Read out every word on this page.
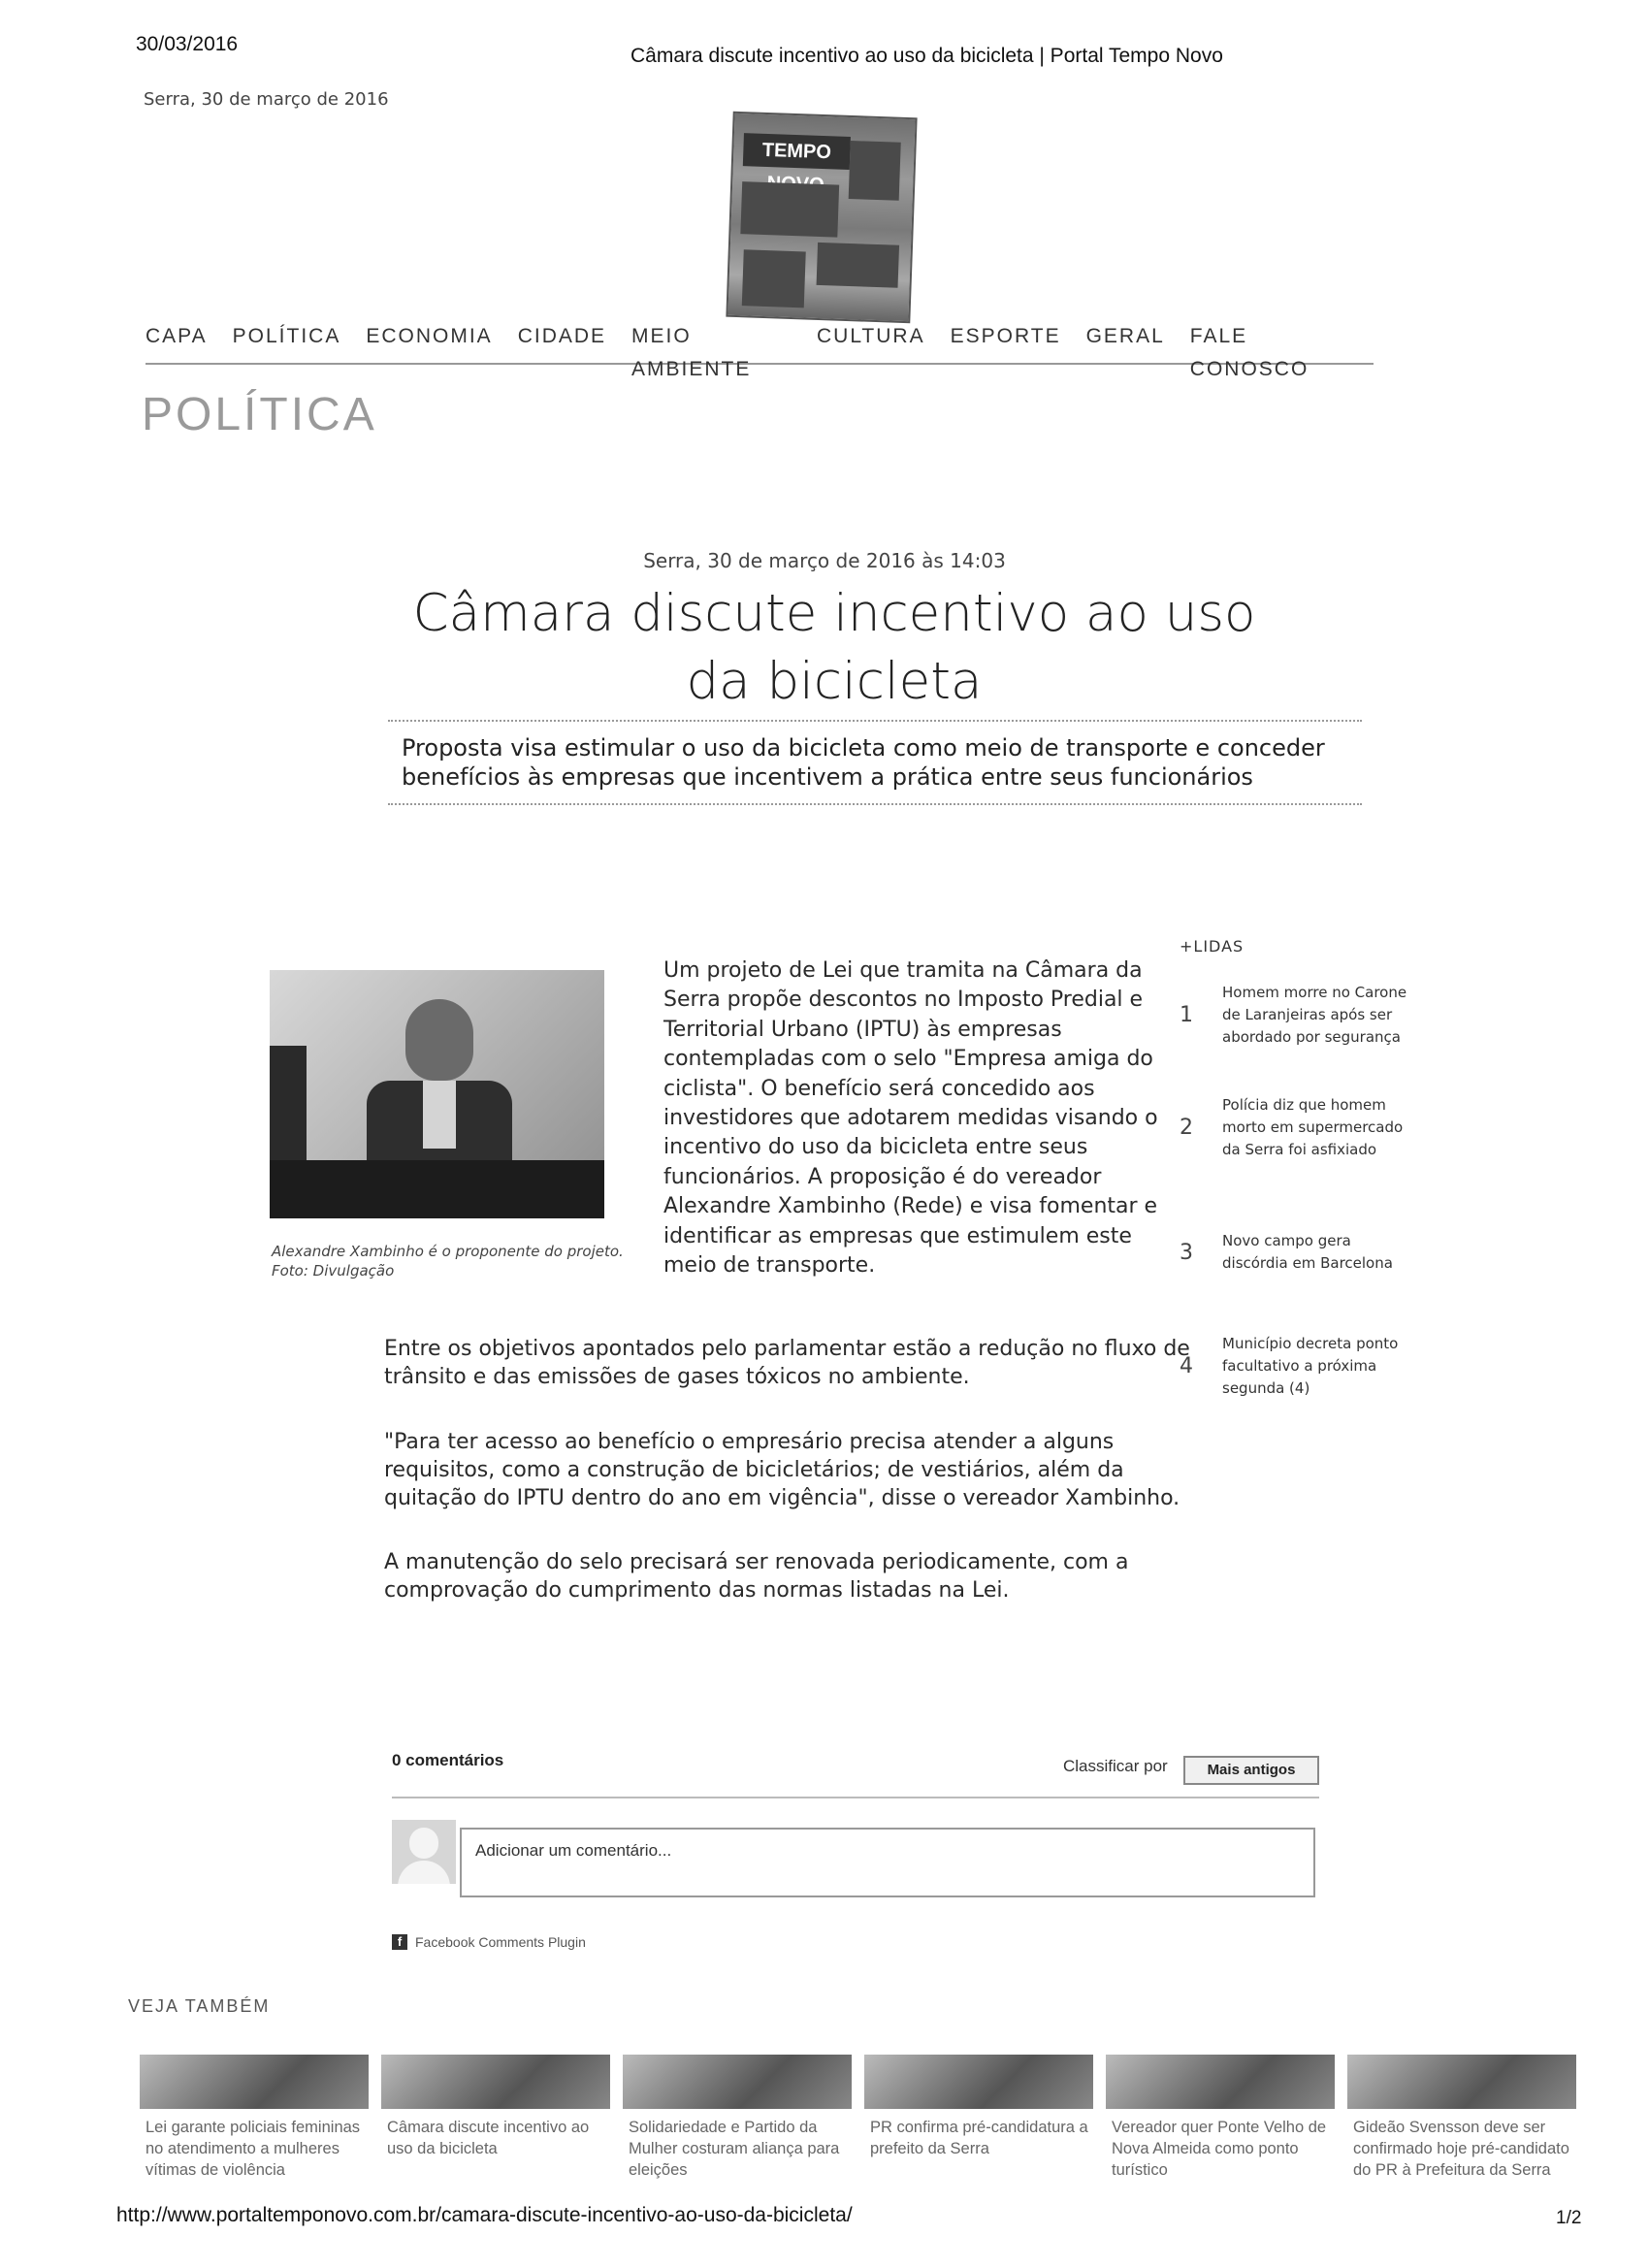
30/03/2016
Câmara discute incentivo ao uso da bicicleta | Portal Tempo Novo
Serra, 30 de março de 2016
TEMPO
CAPA POLÍTICA ECONOMIA CIDADE MEIO AMBIENTE
CULTURA ESPORTE GERAL FALE CONOSCO
POLÍTICA
Serra, 30 de março de 2016 às 14:03
Câmara discute incentivo ao uso da bicicleta
Proposta visa estimular o uso da bicicleta como meio de transporte e conceder benefícios às empresas que incentivem a prática entre seus funcionários
Alexandre Xambinho é o proponente do projeto.
Foto: Divulgação
Um projeto de Lei que tramita na Câmara da Serra propõe descontos no Imposto Predial e Territorial Urbano (IPTU) às empresas contempladas com o selo "Empresa amiga do ciclista". O benefício será concedido aos investidores que adotarem medidas visando o incentivo do uso da bicicleta entre seus funcionários. A proposição é do vereador Alexandre Xambinho (Rede) e visa fomentar e identificar as empresas que estimulem este meio de transporte.
Entre os objetivos apontados pelo parlamentar estão a redução no fluxo de trânsito e das emissões de gases tóxicos no ambiente.
"Para ter acesso ao benefício o empresário precisa atender a alguns requisitos, como a construção de bicicletários; de vestiários, além da quitação do IPTU dentro do ano em vigência", disse o vereador Xambinho.
A manutenção do selo precisará ser renovada periodicamente, com a comprovação do cumprimento das normas listadas na Lei.
+LIDAS
1
Homem morre no Carone de Laranjeiras após ser abordado por segurança
2
Polícia diz que homem morto em supermercado da Serra foi asfixiado
3	Novo campo gera discórdia em Barcelona
4
Município decreta ponto facultativo a próxima segunda (4)
0 comentários	Classificar por	Mais antigos
Adicionar um comentário...
f Facebook Comments Plugin
VEJA TAMBÉM
Lei garante policiais femininas no atendimento a mulheres vítimas de violência
Câmara discute incentivo ao uso da bicicleta
Solidariedade e Partido da Mulher costuram aliança para eleições
PR confirma pré-candidatura a prefeito da Serra
Vereador quer Ponte Velho de Nova Almeida como ponto turístico
Gideão Svensson deve ser confirmado hoje pré-candidato do PR à Prefeitura da Serra
http://www.portaltemponovo.com.br/camara-discute-incentivo-ao-uso-da-bicicleta/	1/2
